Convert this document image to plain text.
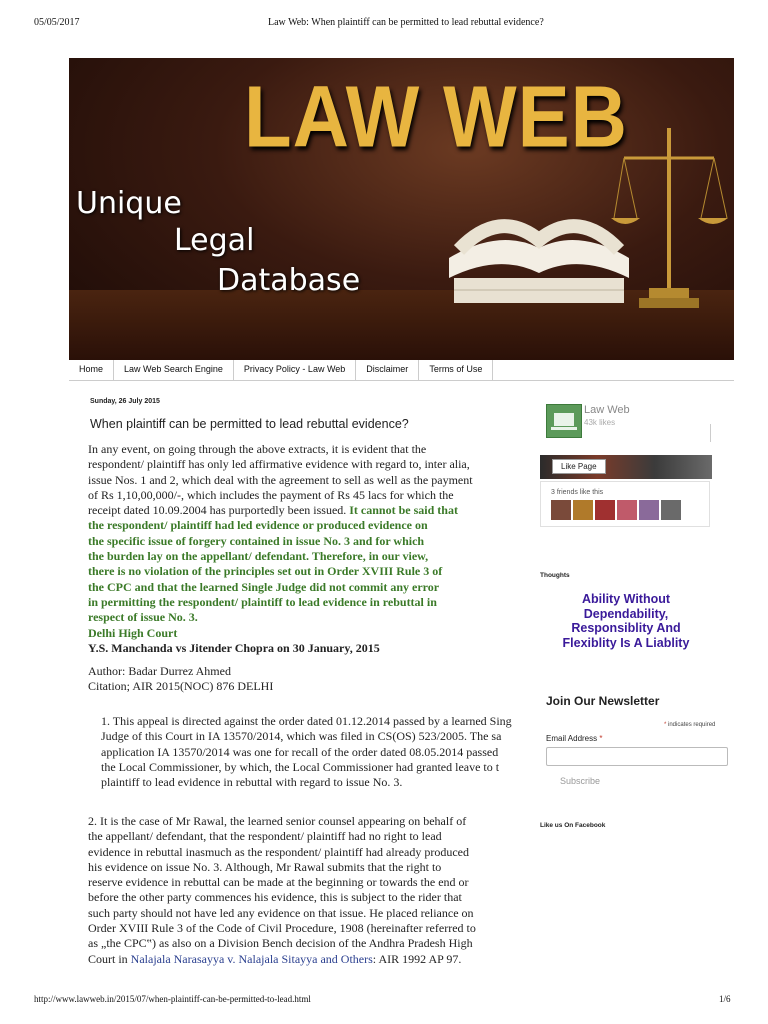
05/05/2017	Law Web: When plaintiff can be permitted to lead rebuttal evidence?
LAW WEB
Unique
Legal
Database
Home	Law Web Search Engine	Privacy Policy - Law Web	Disclaimer	Terms of Use
Sunday, 26 July 2015
When plaintiff can be permitted to lead rebuttal evidence?
In any event, on going through the above extracts, it is evident that the
respondent/ plaintiff has only led affirmative evidence with regard to, inter alia,
issue Nos. 1 and 2, which deal with the agreement to sell as well as the payment
of Rs 1,10,00,000/-, which includes the payment of Rs 45 lacs for which the
receipt dated 10.09.2004 has purportedly been issued. It cannot be said that
the respondent/ plaintiff had led evidence or produced evidence on
the specific issue of forgery contained in issue No. 3 and for which
the burden lay on the appellant/ defendant. Therefore, in our view,
there is no violation of the principles set out in Order XVIII Rule 3 of
the CPC and that the learned Single Judge did not commit any error
in permitting the respondent/ plaintiff to lead evidence in rebuttal in
respect of issue No. 3.
Delhi High Court
Y.S. Manchanda vs Jitender Chopra on 30 January, 2015
Author: Badar Durrez Ahmed
Citation; AIR 2015(NOC) 876 DELHI
1. This appeal is directed against the order dated 01.12.2014 passed by a learned Sing
Judge of this Court in IA 13570/2014, which was filed in CS(OS) 523/2005. The sa
application IA 13570/2014 was one for recall of the order dated 08.05.2014 passed
the Local Commissioner, by which, the Local Commissioner had granted leave to t
plaintiff to lead evidence in rebuttal with regard to issue No. 3.
2. It is the case of Mr Rawal, the learned senior counsel appearing on behalf of
the appellant/ defendant, that the respondent/ plaintiff had no right to lead
evidence in rebuttal inasmuch as the respondent/ plaintiff had already produced
his evidence on issue No. 3. Although, Mr Rawal submits that the right to
reserve evidence in rebuttal can be made at the beginning or towards the end or
before the other party commences his evidence, this is subject to the rider that
such party should not have led any evidence on that issue. He placed reliance on
Order XVIII Rule 3 of the Code of Civil Procedure, 1908 (hereinafter referred to
as „the CPC‟) as also on a Division Bench decision of the Andhra Pradesh High
Court in Nalajala Narasayya v. Nalajala Sitayya and Others: AIR 1992 AP 97.
Law Web
43k likes
Like Page
3 friends like this
Thoughts
Ability Without
Dependability,
Responsiblity And
Flexiblity Is A Liablity
Join Our Newsletter
* indicates required
Email Address *
Subscribe
Like us On Facebook
http://www.lawweb.in/2015/07/when-plaintiff-can-be-permitted-to-lead.html	1/6
